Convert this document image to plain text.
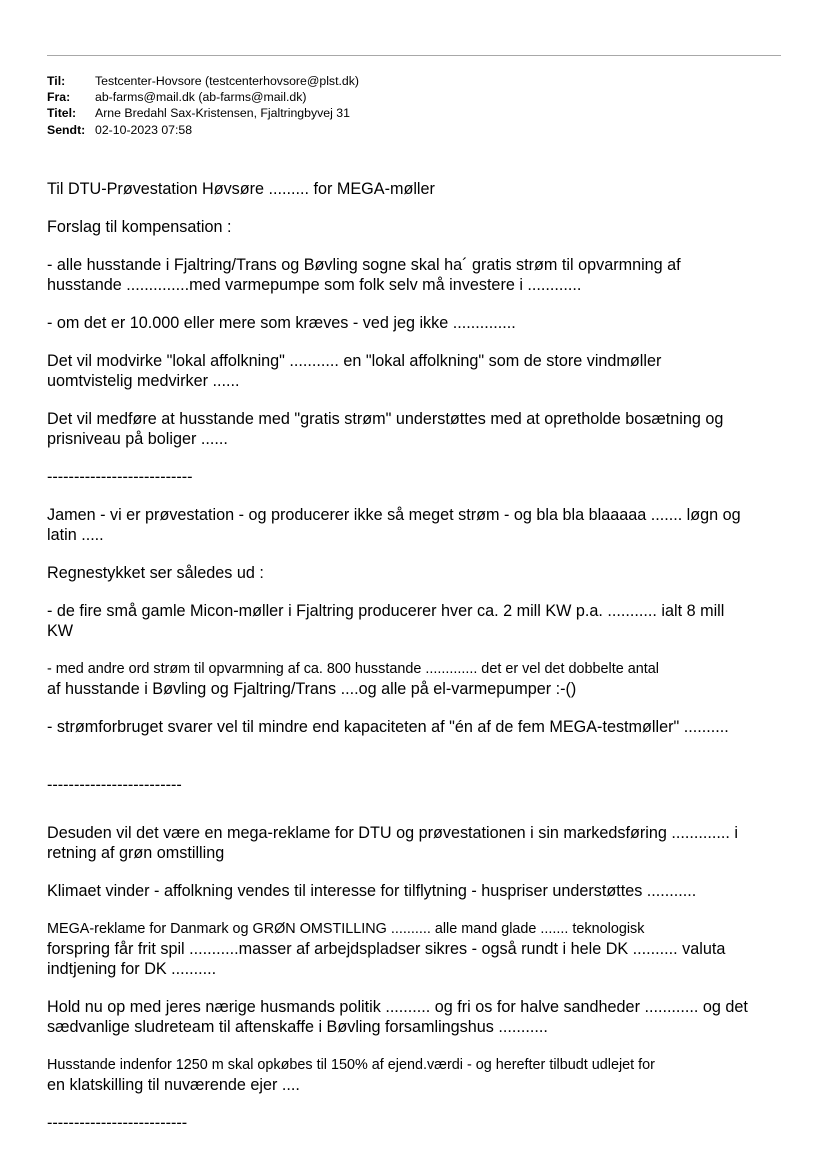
Til:	Testcenter-Hovsore (testcenterhovsore@plst.dk)
Fra:	ab-farms@mail.dk (ab-farms@mail.dk)
Titel:	Arne Bredahl Sax-Kristensen, Fjaltringbyvej 31
Sendt: 02-10-2023 07:58

Til DTU-Prøvestation Høvsøre ......... for MEGA-møller

Forslag til kompensation :

- alle husstande i Fjaltring/Trans og Bøvling sogne skal ha´ gratis strøm til opvarmning af

husstande ..............med varmepumpe som folk selv må investere i ............

- om det er 10.000 eller mere som kræves - ved jeg ikke ..............

Det vil modvirke "lokal affolkning" ........... en "lokal affolkning" som de store vindmøller

uomtvistelig medvirker ......

Det vil medføre at husstande med "gratis strøm" understøttes med at opretholde bosætning og

prisniveau på boliger ......

---------------------------

Jamen - vi er prøvestation - og producerer ikke så meget strøm - og bla bla blaaaaa ....... løgn og

latin .....

Regnestykket ser således ud :

- de fire små gamle Micon-møller i Fjaltring producerer hver ca. 2 mill KW p.a. ........... ialt 8 mill

KW

- med andre ord strøm til opvarmning af ca. 800 husstande ............. det er vel det dobbelte antal

af husstande i Bøvling og Fjaltring/Trans ....og alle på el-varmepumper :-()

- strømforbruget svarer vel til mindre end kapaciteten af "én af de fem MEGA-testmøller" ..........

-------------------------

Desuden vil det være en mega-reklame for DTU og prøvestationen i sin markedsføring ............. i

retning af grøn omstilling

Klimaet vinder - affolkning vendes til interesse for tilflytning - huspriser understøttes ...........

MEGA-reklame for Danmark og GRØN OMSTILLING .......... alle mand glade ....... teknologisk

forspring får frit spil ...........masser af arbejdspladser sikres - også rundt i hele DK .......... valuta

indtjening for DK ..........

Hold nu op med jeres nærige husmands politik .......... og fri os for halve sandheder ............ og det

sædvanlige sludreteam til aftenskaffe i Bøvling forsamlingshus ...........

Husstande indenfor 1250 m skal opkøbes til 150% af ejend.værdi - og herefter tilbudt udlejet for

en klatskilling til nuværende ejer ....

--------------------------
